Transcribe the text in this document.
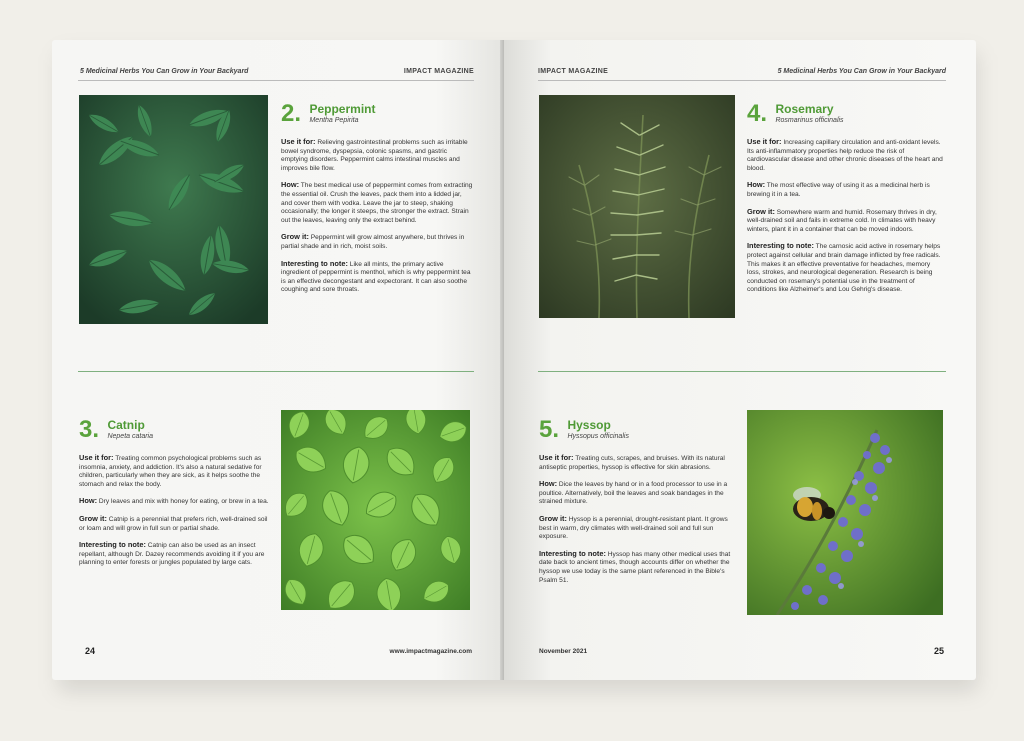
5 Medicinal Herbs You Can Grow in Your Backyard	IMPACT MAGAZINE
2. Peppermint
Mentha Pepirita
Use it for: Relieving gastrointestinal problems such as irritable bowel syndrome, dyspepsia, colonic spasms, and gastric emptying disorders. Peppermint calms intestinal muscles and improves bile flow.
How: The best medical use of peppermint comes from extracting the essential oil. Crush the leaves, pack them into a lidded jar, and cover them with vodka. Leave the jar to steep, shaking occasionally; the longer it steeps, the stronger the extract. Strain out the leaves, leaving only the extract behind.
Grow it: Peppermint will grow almost anywhere, but thrives in partial shade and in rich, moist soils.
Interesting to note: Like all mints, the primary active ingredient of peppermint is menthol, which is why peppermint tea is an effective decongestant and expectorant. It can also soothe coughing and sore throats.
3. Catnip
Nepeta cataria
Use it for: Treating common psychological problems such as insomnia, anxiety, and addiction. It's also a natural sedative for children, particularly when they are sick, as it helps soothe the stomach and relax the body.
How: Dry leaves and mix with honey for eating, or brew in a tea.
Grow it: Catnip is a perennial that prefers rich, well-drained soil or loam and will grow in full sun or partial shade.
Interesting to note: Catnip can also be used as an insect repellant, although Dr. Dazey recommends avoiding it if you are planning to enter forests or jungles populated by large cats.
24	www.impactmagazine.com
IMPACT MAGAZINE	5 Medicinal Herbs You Can Grow in Your Backyard
4. Rosemary
Rosmarinus officinalis
Use it for: Increasing capillary circulation and anti-oxidant levels. Its anti-inflammatory properties help reduce the risk of cardiovascular disease and other chronic diseases of the heart and blood.
How: The most effective way of using it as a medicinal herb is brewing it in a tea.
Grow it: Somewhere warm and humid. Rosemary thrives in dry, well-drained soil and fails in extreme cold. In climates with heavy winters, plant it in a container that can be moved indoors.
Interesting to note: The carnosic acid active in rosemary helps protect against cellular and brain damage inflicted by free radicals. This makes it an effective preventative for headaches, memory loss, strokes, and neurological degeneration. Research is being conducted on rosemary's potential use in the treatment of conditions like Alzheimer's and Lou Gehrig's disease.
5. Hyssop
Hyssopus officinalis
Use it for: Treating cuts, scrapes, and bruises. With its natural antiseptic properties, hyssop is effective for skin abrasions.
How: Dice the leaves by hand or in a food processor to use in a poultice. Alternatively, boil the leaves and soak bandages in the strained mixture.
Grow it: Hyssop is a perennial, drought-resistant plant. It grows best in warm, dry climates with well-drained soil and full sun exposure.
Interesting to note: Hyssop has many other medical uses that date back to ancient times, though accounts differ on whether the hyssop we use today is the same plant referenced in the Bible's Psalm 51.
November 2021	25
